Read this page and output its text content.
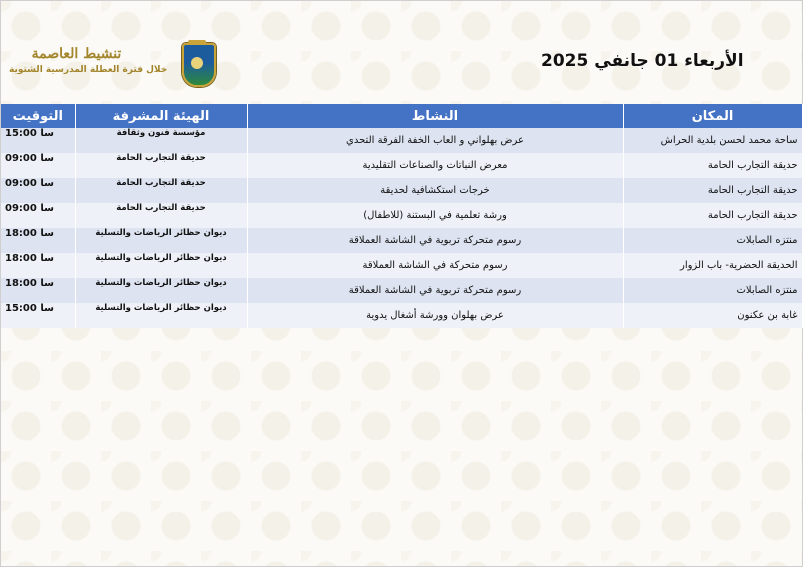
الأربعاء 01 جانفي 2025
تنشيط العاصمة
خلال فترة العطلة المدرسية الشتوية
التوقيت	الهيئة المشرفة	النشاط	المكان
15:00 سا	مؤسسة فنون وثقافة	عرض بهلواني و العاب الخفة الفرقة التحدي	ساحة محمد لحسن بلدية الحراش
09:00 سا	حديقة التجارب الحامة	معرض النباتات والصناعات التقليدية	حديقة التجارب الحامة
09:00 سا	حديقة التجارب الحامة	خرجات استكشافية لحديقة	حديقة التجارب الحامة
09:00 سا	حديقة التجارب الحامة	ورشة تعلمية في البستنة (للاطفال)	حديقة التجارب الحامة
18:00 سا	ديوان حظائر الرياضات والتسلية	رسوم متحركة تربوية في الشاشة العملاقة	منتزه الصابلات
18:00 سا	ديوان حظائر الرياضات والتسلية	رسوم متحركة في الشاشة العملاقة	الحديقة الحضرية- باب الزوار
18:00 سا	ديوان حظائر الرياضات والتسلية	رسوم متحركة تربوية في الشاشة العملاقة	منتزه الصابلات
15:00 سا	ديوان حظائر الرياضات والتسلية	عرض بهلوان وورشة أشغال يدوية	غابة بن عكنون
